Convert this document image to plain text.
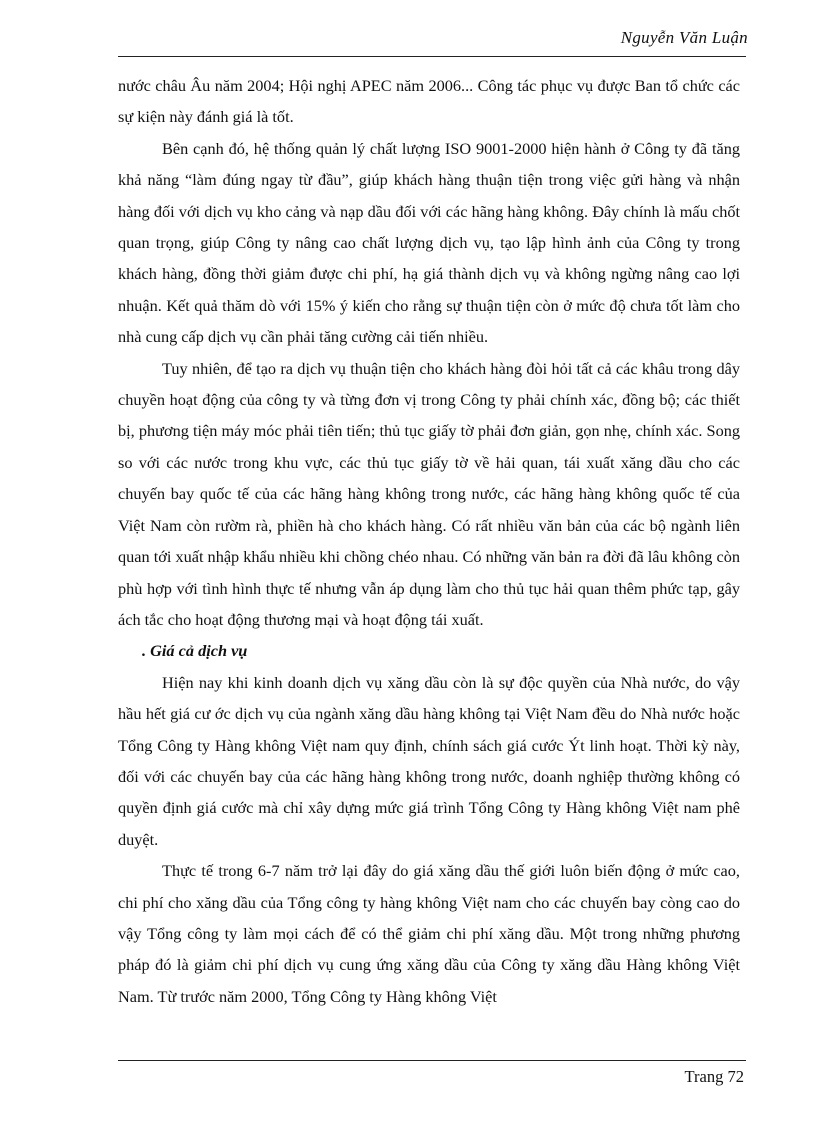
Nguyễn Văn Luận

nước châu Âu năm 2004; Hội nghị APEC năm 2006... Công tác phục vụ được Ban tổ chức các sự kiện này đánh giá là tốt.

Bên cạnh đó, hệ thống quản lý chất lượng ISO 9001-2000 hiện hành ở Công ty đã tăng khả năng “làm đúng ngay từ đầu”, giúp khách hàng thuận tiện trong việc gửi hàng và nhận hàng đối với dịch vụ kho cảng và nạp dầu đối với các hãng hàng không. Đây chính là mấu chốt quan trọng, giúp Công ty nâng cao chất lượng dịch vụ, tạo lập hình ảnh của Công ty trong khách hàng, đồng thời giảm được chi phí, hạ giá thành dịch vụ và không ngừng nâng cao lợi nhuận. Kết quả thăm dò với 15% ý kiến cho rằng sự thuận tiện còn ở mức độ chưa tốt làm cho nhà cung cấp dịch vụ cần phải tăng cường cải tiến nhiều.

Tuy nhiên, để tạo ra dịch vụ thuận tiện cho khách hàng đòi hỏi tất cả các khâu trong dây chuyền hoạt động của công ty và từng đơn vị trong Công ty phải chính xác, đồng bộ; các thiết bị, phương tiện máy móc phải tiên tiến; thủ tục giấy tờ phải đơn giản, gọn nhẹ, chính xác. Song so với các nước trong khu vực, các thủ tục giấy tờ về hải quan, tái xuất xăng dầu cho các chuyến bay quốc tế của các hãng hàng không trong nước, các hãng hàng không quốc tế của Việt Nam còn rườm rà, phiền hà cho khách hàng. Có rất nhiều văn bản của các bộ ngành liên quan tới xuất nhập khẩu nhiều khi chồng chéo nhau. Có những văn bản ra đời đã lâu không còn phù hợp với tình hình thực tế nhưng vẫn áp dụng làm cho thủ tục hải quan thêm phức tạp, gây ách tắc cho hoạt động thương mại và hoạt động tái xuất.

. Giá cả dịch vụ

Hiện nay khi kinh doanh dịch vụ xăng dầu còn là sự độc quyền của Nhà nước, do vậy hầu hết giá cư ớc dịch vụ của ngành xăng dầu hàng không tại Việt Nam đều do Nhà nước hoặc Tổng Công ty Hàng không Việt nam quy định, chính sách giá cước Ýt linh hoạt. Thời kỳ này, đối với các chuyến bay của các hãng hàng không trong nước, doanh nghiệp thường không có quyền định giá cước mà chỉ xây dựng mức giá trình Tổng Công ty Hàng không Việt nam phê duyệt.

Thực tế trong 6-7 năm trở lại đây do giá xăng dầu thế giới luôn biến động ở mức cao, chi phí cho xăng dầu của Tổng công ty hàng không Việt nam cho các chuyến bay còng cao do vậy Tổng công ty làm mọi cách để có thể giảm chi phí xăng dầu. Một trong những phương pháp đó là giảm chi phí dịch vụ cung ứng xăng dầu của Công ty xăng dầu Hàng không Việt Nam. Từ trước năm 2000, Tổng Công ty Hàng không Việt

Trang 72
